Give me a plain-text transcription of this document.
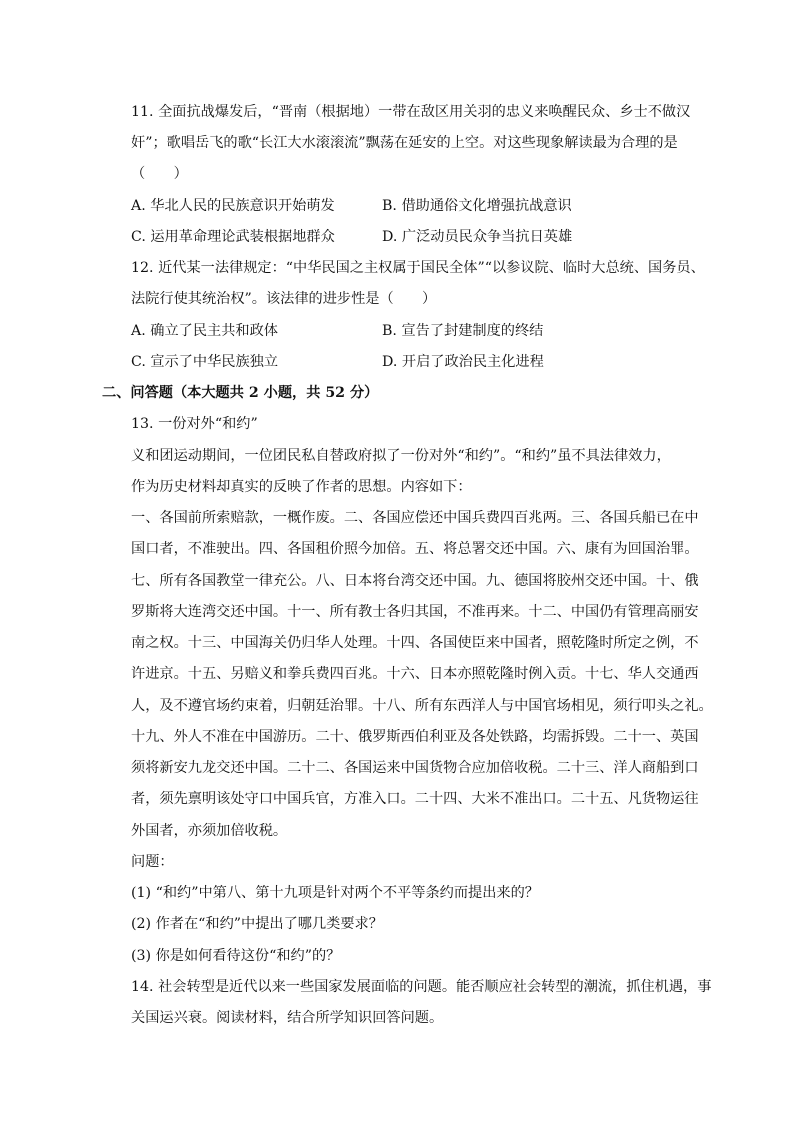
11. 全面抗战爆发后，“晋南（根据地）一带在敌区用关羽的忠义来唤醒民众、乡士不做汉
奸”；歌唱岳飞的歌“长江大水滚滚流”飘荡在延安的上空。对这些现象解读最为合理的是
（　　）
A. 华北人民的民族意识开始萌发	B. 借助通俗文化增强抗战意识
C. 运用革命理论武装根据地群众	D. 广泛动员民众争当抗日英雄
12. 近代某一法律规定：“中华民国之主权属于国民全体”“以参议院、临时大总统、国务员、
法院行使其统治权”。该法律的进步性是（　　）
A. 确立了民主共和政体	B. 宣告了封建制度的终结
C. 宣示了中华民族独立	D. 开启了政治民主化进程
二、问答题（本大题共 2 小题，共 52 分）
13. 一份对外“和约”
义和团运动期间，一位团民私自替政府拟了一份对外“和约”。“和约”虽不具法律效力，
作为历史材料却真实的反映了作者的思想。内容如下：
一、各国前所索赔款，一概作废。二、各国应偿还中国兵费四百兆两。三、各国兵船已在中
国口者，不准驶出。四、各国租价照今加倍。五、将总署交还中国。六、康有为回国治罪。
七、所有各国教堂一律充公。八、日本将台湾交还中国。九、德国将胶州交还中国。十、俄
罗斯将大连湾交还中国。十一、所有教士各归其国，不准再来。十二、中国仍有管理高丽安
南之权。十三、中国海关仍归华人处理。十四、各国使臣来中国者，照乾隆时所定之例，不
许进京。十五、另赔义和拳兵费四百兆。十六、日本亦照乾隆时例入贡。十七、华人交通西
人，及不遵官场约束着，归朝廷治罪。十八、所有东西洋人与中国官场相见，须行叩头之礼。
十九、外人不准在中国游历。二十、俄罗斯西伯利亚及各处铁路，均需拆毁。二十一、英国
须将新安九龙交还中国。二十二、各国运来中国货物合应加倍收税。二十三、洋人商船到口
者，须先禀明该处守口中国兵官，方准入口。二十四、大米不准出口。二十五、凡货物运往
外国者，亦须加倍收税。
问题：
(1) “和约”中第八、第十九项是针对两个不平等条约而提出来的？
(2) 作者在“和约”中提出了哪几类要求？
(3) 你是如何看待这份“和约”的？
14. 社会转型是近代以来一些国家发展面临的问题。能否顺应社会转型的潮流，抓住机遇，事
关国运兴衰。阅读材料，结合所学知识回答问题。
